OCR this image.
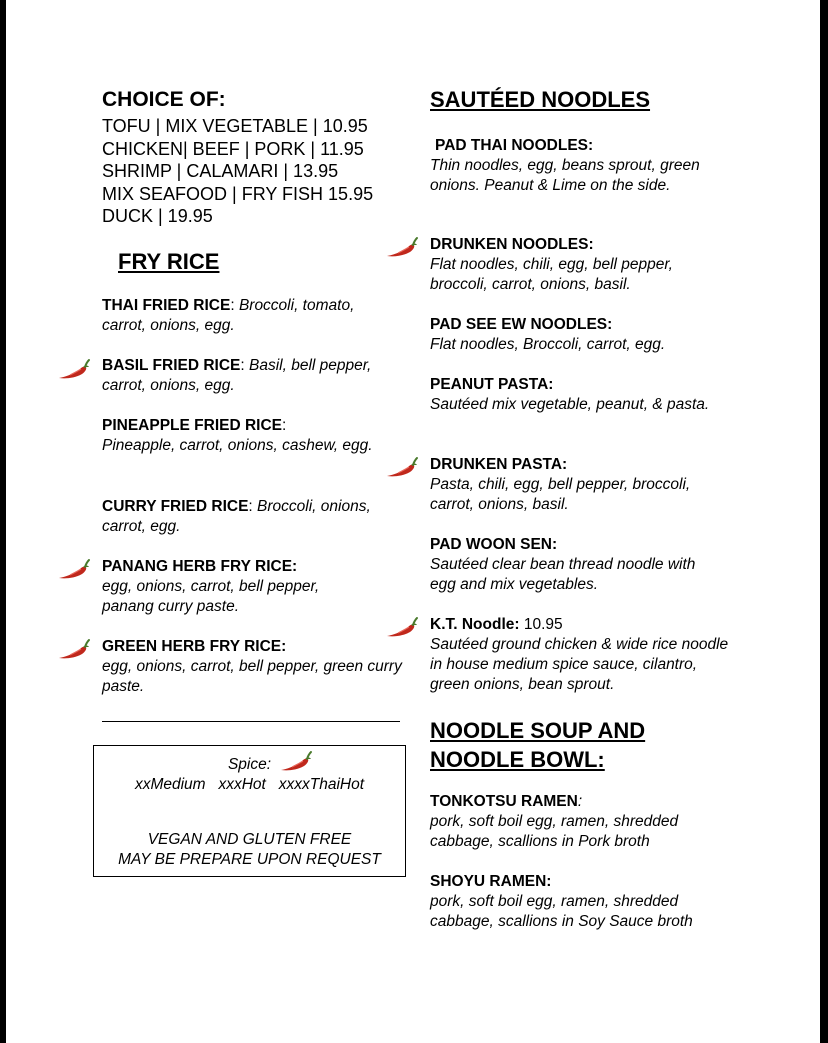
CHOICE OF:
TOFU | MIX VEGETABLE | 10.95
CHICKEN| BEEF | PORK | 11.95
SHRIMP | CALAMARI | 13.95
MIX SEAFOOD | FRY FISH 15.95
DUCK | 19.95
FRY RICE
THAI FRIED RICE: Broccoli, tomato, carrot, onions, egg.
BASIL FRIED RICE: Basil, bell pepper, carrot, onions, egg.
PINEAPPLE FRIED RICE:
Pineapple, carrot, onions, cashew, egg.
CURRY FRIED RICE: Broccoli, onions, carrot, egg.
PANANG HERB FRY RICE:
egg, onions, carrot, bell pepper, panang curry paste.
GREEN HERB FRY RICE:
egg, onions, carrot, bell pepper, green curry paste.
Spice:
xxMedium   xxxHot   xxxxThaiHot
VEGAN AND GLUTEN FREE
MAY BE PREPARE UPON REQUEST
SAUTÉED NOODLES
PAD THAI NOODLES:
Thin noodles, egg, beans sprout, green onions. Peanut & Lime on the side.
DRUNKEN NOODLES:
Flat noodles, chili, egg, bell pepper, broccoli, carrot, onions, basil.
PAD SEE EW NOODLES:
Flat noodles, Broccoli, carrot, egg.
PEANUT PASTA:
Sautéed mix vegetable, peanut, & pasta.
DRUNKEN PASTA:
Pasta, chili, egg, bell pepper, broccoli, carrot, onions, basil.
PAD WOON SEN:
Sautéed clear bean thread noodle with egg and mix vegetables.
K.T. Noodle: 10.95
Sautéed ground chicken & wide rice noodle in house medium spice sauce, cilantro, green onions, bean sprout.
NOODLE SOUP AND
NOODLE BOWL:
TONKOTSU RAMEN:
pork, soft boil egg, ramen, shredded cabbage, scallions in Pork broth
SHOYU RAMEN:
pork, soft boil egg, ramen, shredded cabbage, scallions in Soy Sauce broth
